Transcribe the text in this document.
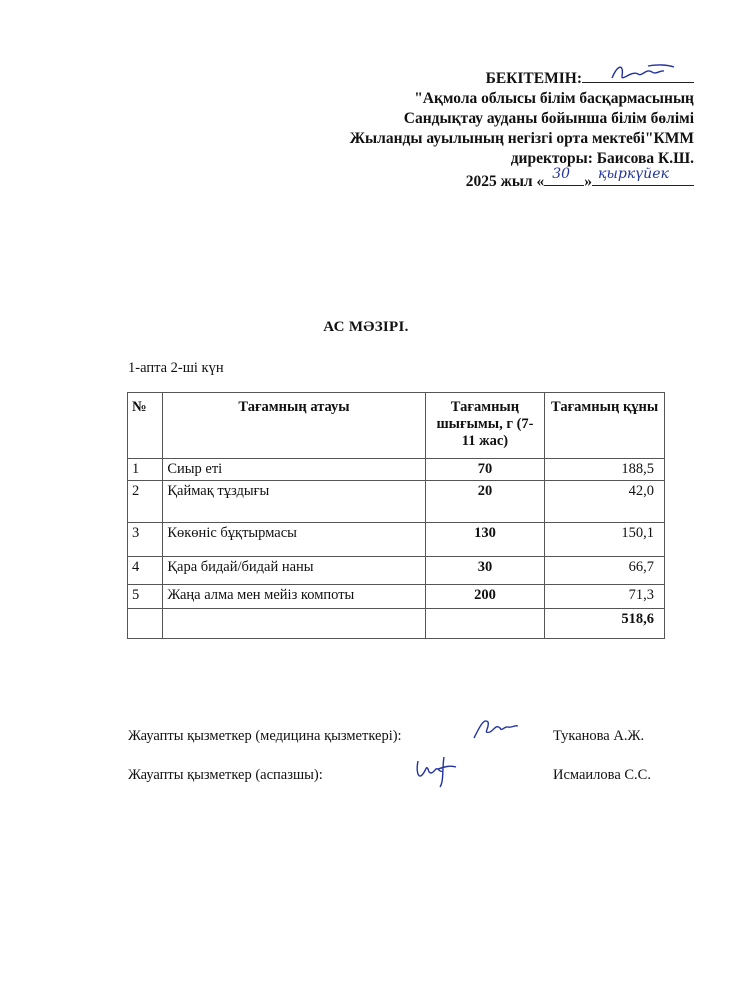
БЕКІТЕМІН:
"Ақмола облысы білім басқармасының
Сандықтау ауданы бойынша білім бөлімі
Жыланды ауылының негізгі орта мектебі"КММ
директоры: Баисова К.Ш.
2025 жыл « 30 » қыркүйек
АС МӘЗІРІ.
1-апта 2-ші күн
№	Тағамның атауы	Тағамның шығымы, г (7-11 жас)	Тағамның құны
1	Сиыр еті	70	188,5
2	Қаймақ тұздығы	20	42,0
3	Көкөніс бұқтырмасы	130	150,1
4	Қара бидай/бидай наны	30	66,7
5	Жаңа алма мен мейіз компоты	200	71,3
			518,6
Жауапты қызметкер (медицина қызметкері):	Туканова А.Ж.
Жауапты қызметкер (аспазшы):	Исмаилова С.С.
